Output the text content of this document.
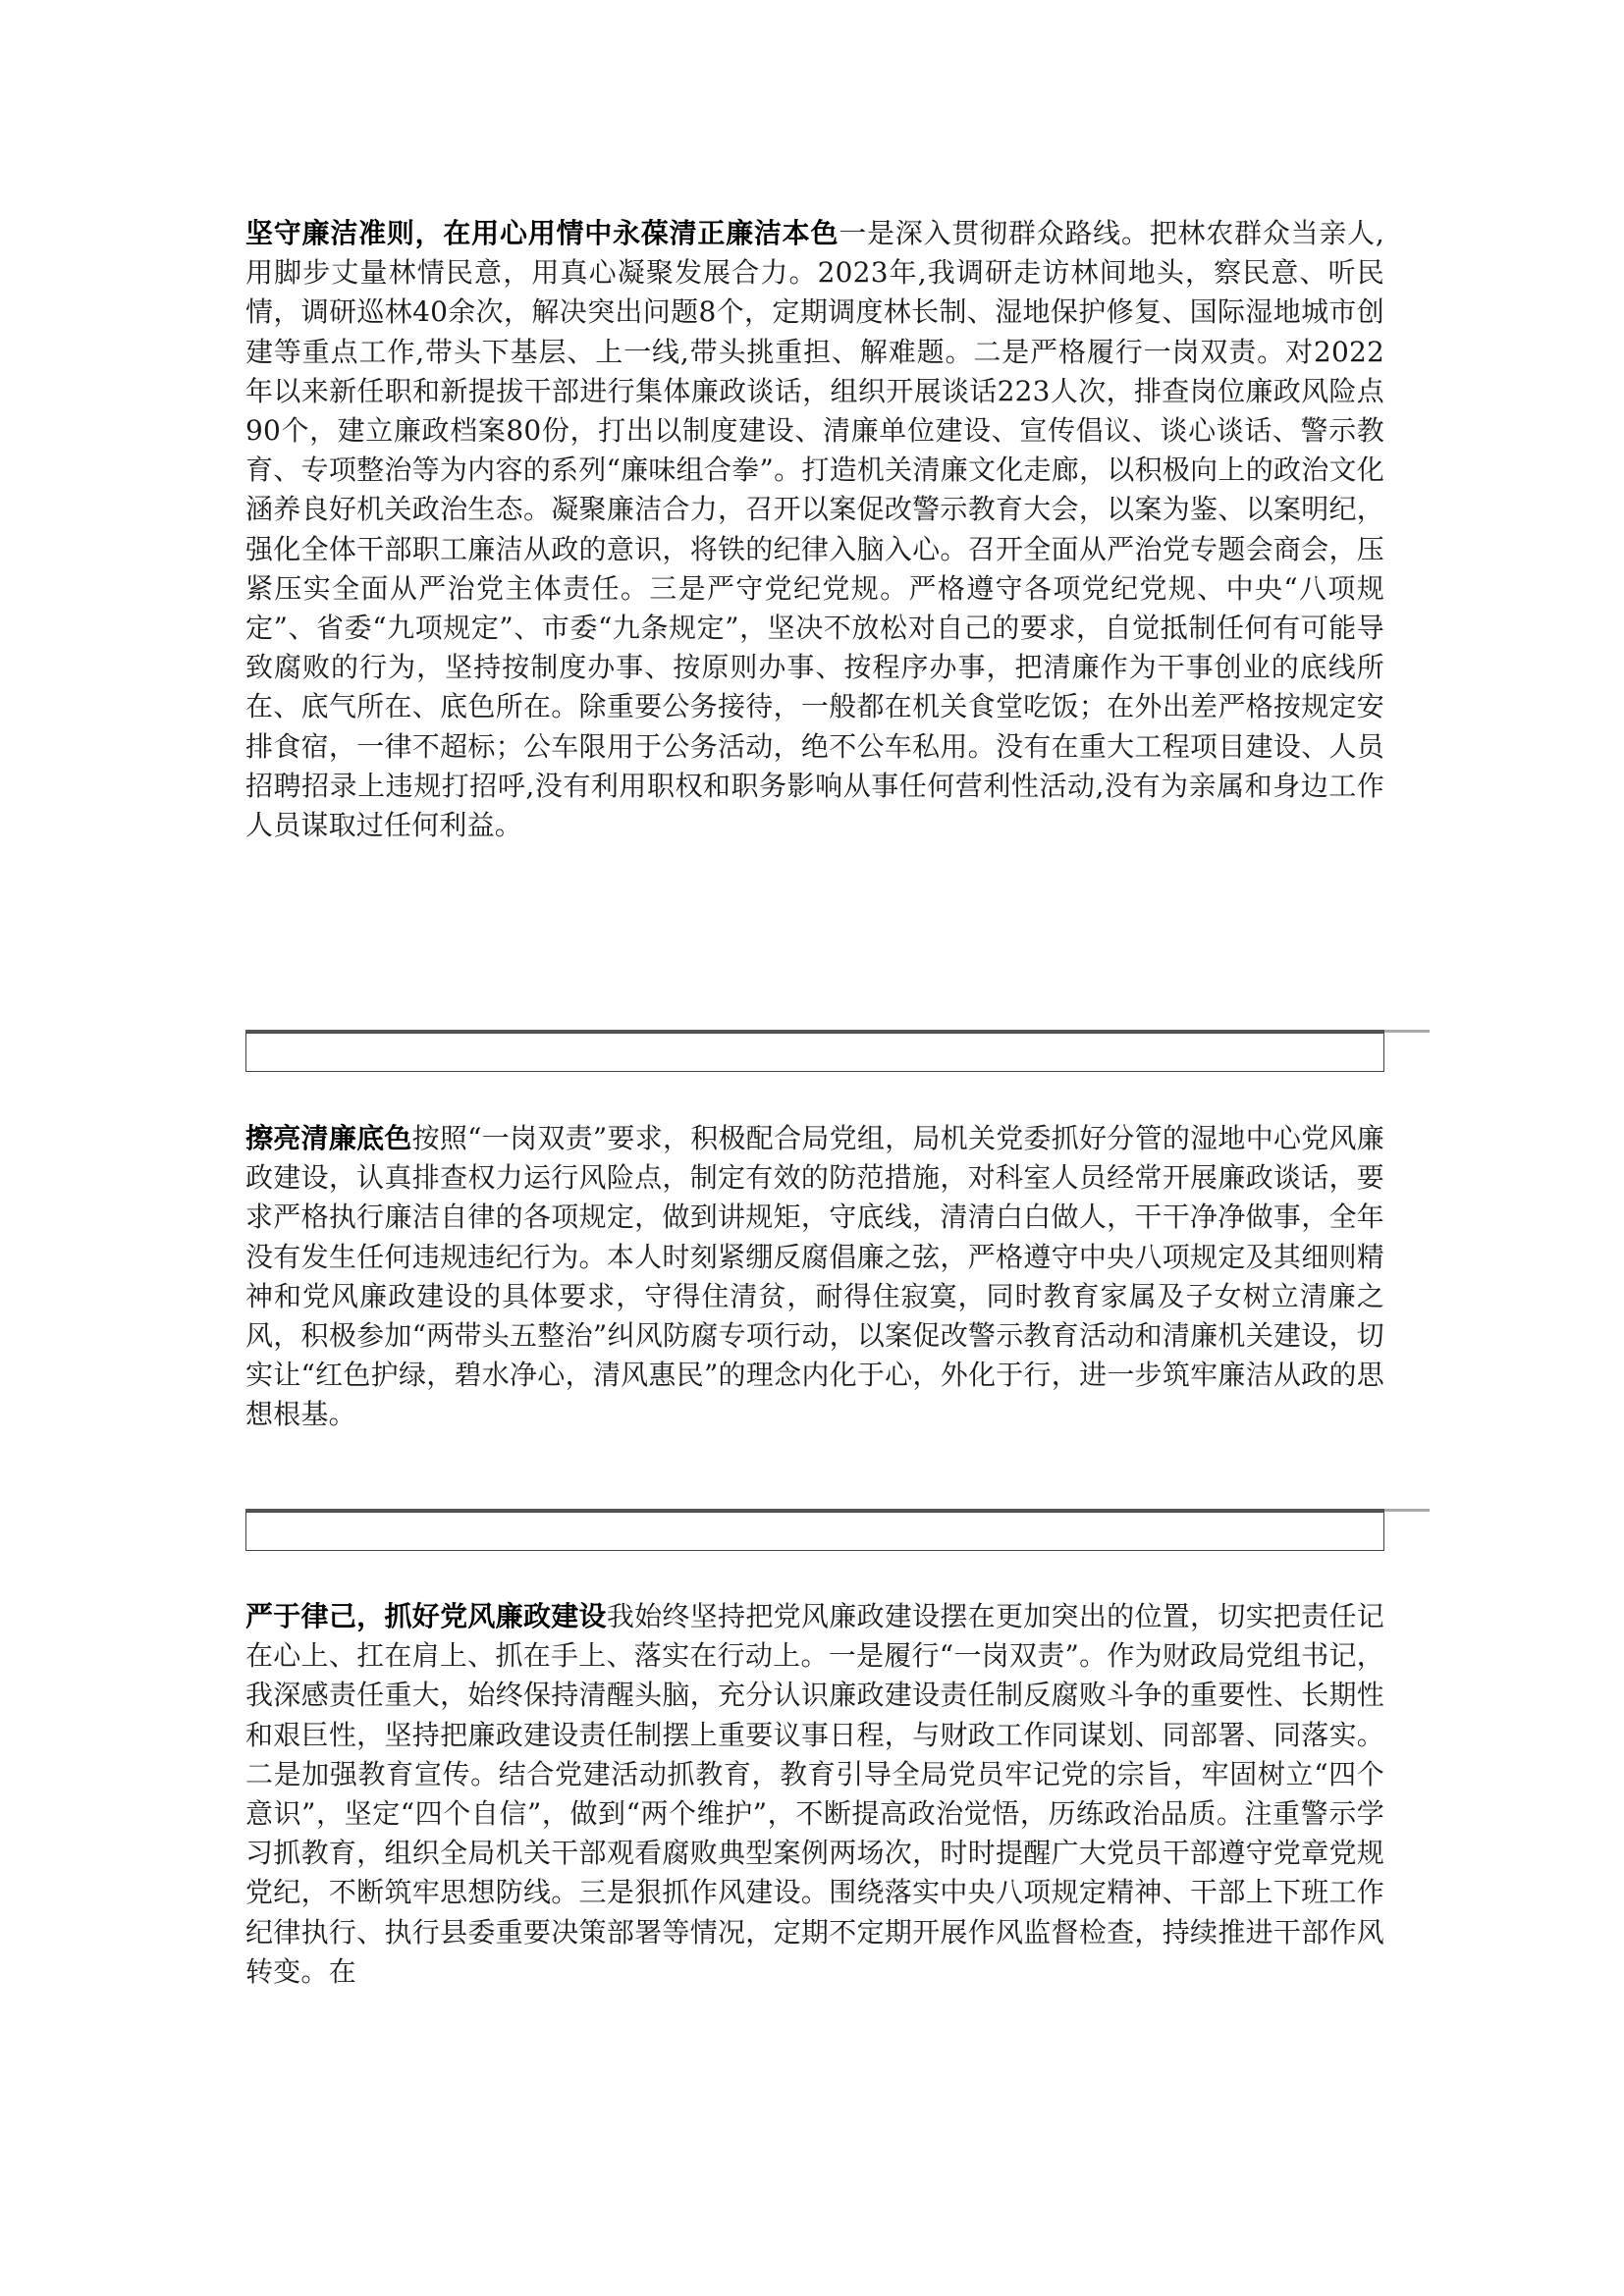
坚守廉洁准则，在用心用情中永葆清正廉洁本色一是深入贯彻群众路线。把林农群众当亲人,用脚步丈量林情民意，用真心凝聚发展合力。2023年,我调研走访林间地头，察民意、听民情，调研巡林40余次，解决突出问题8个，定期调度林长制、湿地保护修复、国际湿地城市创建等重点工作,带头下基层、上一线,带头挑重担、解难题。二是严格履行一岗双责。对2022年以来新任职和新提拔干部进行集体廉政谈话，组织开展谈话223人次，排查岗位廉政风险点90个，建立廉政档案80份，打出以制度建设、清廉单位建设、宣传倡议、谈心谈话、警示教育、专项整治等为内容的系列“廉味组合拳”。打造机关清廉文化走廊，以积极向上的政治文化涵养良好机关政治生态。凝聚廉洁合力，召开以案促改警示教育大会，以案为鉴、以案明纪，强化全体干部职工廉洁从政的意识，将铁的纪律入脑入心。召开全面从严治党专题会商会，压紧压实全面从严治党主体责任。三是严守党纪党规。严格遵守各项党纪党规、中央“八项规定”、省委“九项规定”、市委“九条规定”，坚决不放松对自己的要求，自觉抵制任何有可能导致腐败的行为，坚持按制度办事、按原则办事、按程序办事，把清廉作为干事创业的底线所在、底气所在、底色所在。除重要公务接待，一般都在机关食堂吃饭；在外出差严格按规定安排食宿，一律不超标；公车限用于公务活动，绝不公车私用。没有在重大工程项目建设、人员招聘招录上违规打招呼,没有利用职权和职务影响从事任何营利性活动,没有为亲属和身边工作人员谋取过任何利益。

擦亮清廉底色按照“一岗双责”要求，积极配合局党组，局机关党委抓好分管的湿地中心党风廉政建设，认真排查权力运行风险点，制定有效的防范措施，对科室人员经常开展廉政谈话，要求严格执行廉洁自律的各项规定，做到讲规矩，守底线，清清白白做人，干干净净做事，全年没有发生任何违规违纪行为。本人时刻紧绷反腐倡廉之弦，严格遵守中央八项规定及其细则精神和党风廉政建设的具体要求，守得住清贫，耐得住寂寞，同时教育家属及子女树立清廉之风，积极参加“两带头五整治”纠风防腐专项行动，以案促改警示教育活动和清廉机关建设，切实让“红色护绿，碧水净心，清风惠民”的理念内化于心，外化于行，进一步筑牢廉洁从政的思想根基。

严于律己，抓好党风廉政建设我始终坚持把党风廉政建设摆在更加突出的位置，切实把责任记在心上、扛在肩上、抓在手上、落实在行动上。一是履行“一岗双责”。作为财政局党组书记，我深感责任重大，始终保持清醒头脑，充分认识廉政建设责任制反腐败斗争的重要性、长期性和艰巨性，坚持把廉政建设责任制摆上重要议事日程，与财政工作同谋划、同部署、同落实。二是加强教育宣传。结合党建活动抓教育，教育引导全局党员牢记党的宗旨，牢固树立“四个意识”，坚定“四个自信”，做到“两个维护”，不断提高政治觉悟，历练政治品质。注重警示学习抓教育，组织全局机关干部观看腐败典型案例两场次，时时提醒广大党员干部遵守党章党规党纪，不断筑牢思想防线。三是狠抓作风建设。围绕落实中央八项规定精神、干部上下班工作纪律执行、执行县委重要决策部署等情况，定期不定期开展作风监督检查，持续推进干部作风转变。在
